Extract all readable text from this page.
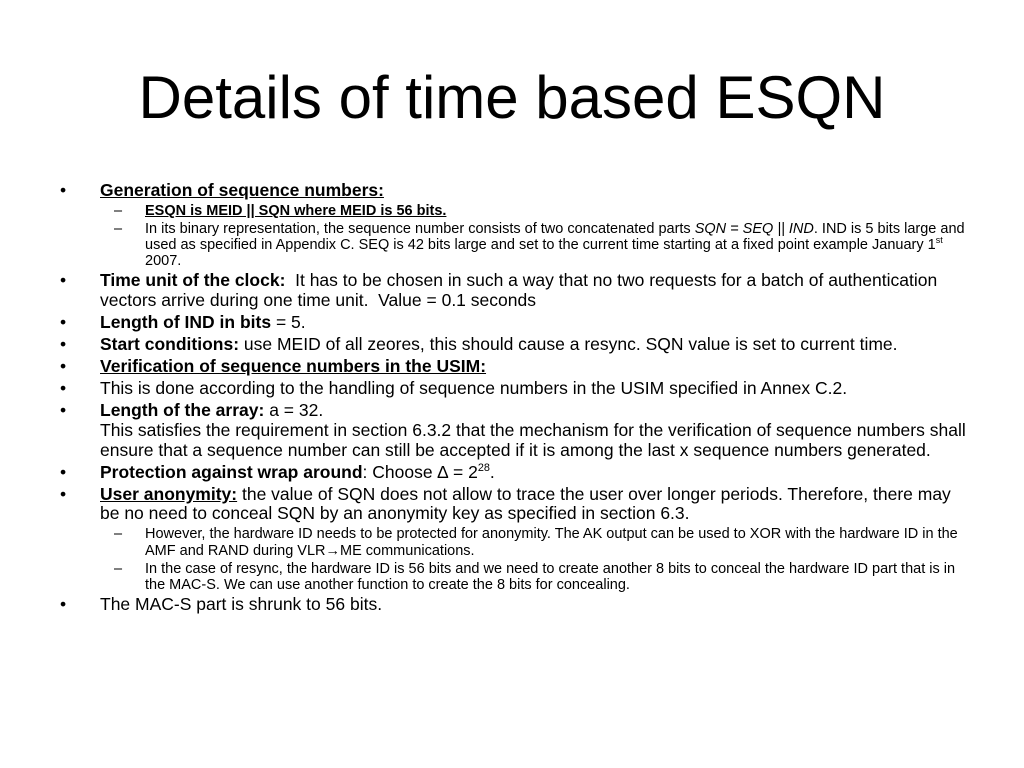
Details of time based ESQN
• Generation of sequence numbers:
– ESQN is MEID || SQN where MEID is 56 bits.
– In its binary representation, the sequence number consists of two concatenated parts SQN = SEQ || IND. IND is 5 bits large and used as specified in Appendix C. SEQ is 42 bits large and set to the current time starting at a fixed point example January 1st 2007.
• Time unit of the clock:  It has to be chosen in such a way that no two requests for a batch of authentication vectors arrive during one time unit.  Value = 0.1 seconds
• Length of IND in bits = 5.
• Start conditions: use MEID of all zeores, this should cause a resync. SQN value is set to current time.
• Verification of sequence numbers in the USIM:
• This is done according to the handling of sequence numbers in the USIM specified in Annex C.2.
• Length of the array: a = 32.
This satisfies the requirement in section 6.3.2 that the mechanism for the verification of sequence numbers shall ensure that a sequence number can still be accepted if it is among the last x sequence numbers generated.
• Protection against wrap around: Choose ∆ = $2^{28}$.
• User anonymity: the value of SQN does not allow to trace the user over longer periods. Therefore, there may be no need to conceal SQN by an anonymity key as specified in section 6.3.
– However, the hardware ID needs to be protected for anonymity. The AK output can be used to XOR with the hardware ID in the AMF and RAND during VLR→ME communications.
– In the case of resync, the hardware ID is 56 bits and we need to create another 8 bits to conceal the hardware ID part that is in the MAC-S. We can use another function to create the 8 bits for concealing.
• The MAC-S part is shrunk to 56 bits.
